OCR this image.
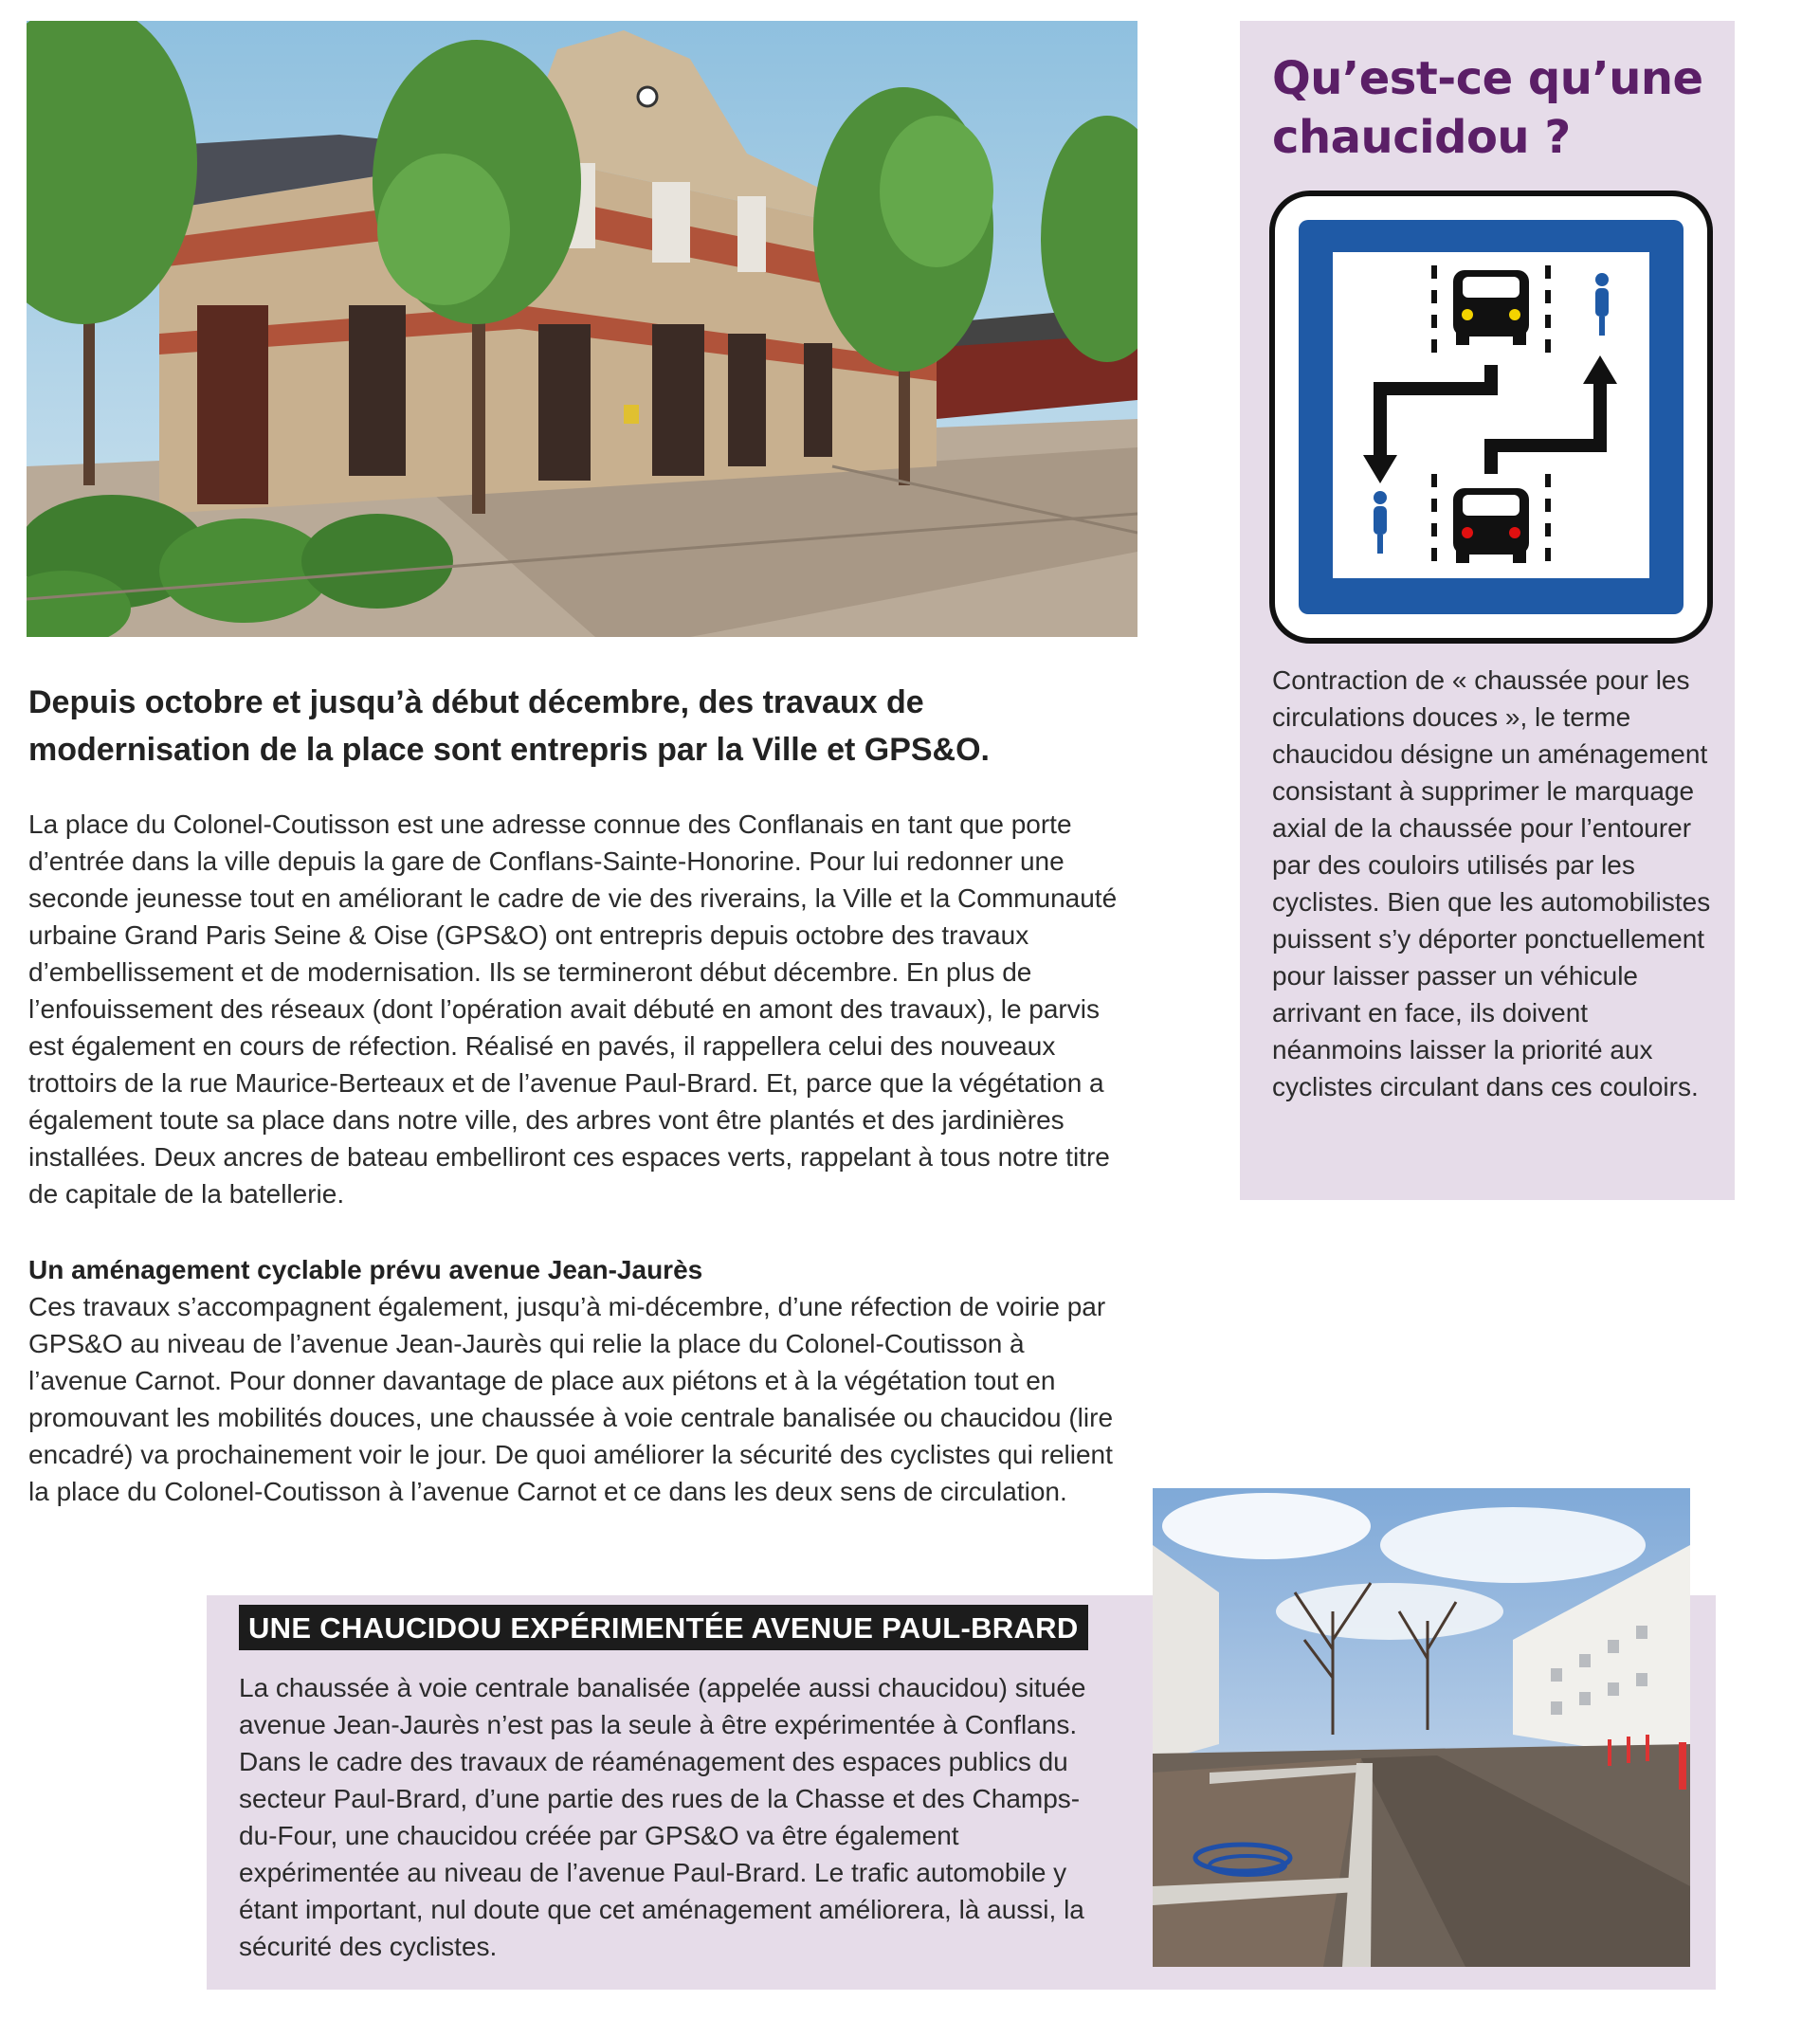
Qu’est-ce qu’une chaucidou ?

Contraction de « chaussée pour les circulations douces », le terme chaucidou désigne un aménagement consistant à supprimer le marquage axial de la chaussée pour l’entourer par des couloirs utilisés par les cyclistes. Bien que les automobilistes puissent s’y déporter ponctuellement pour laisser passer un véhicule arrivant en face, ils doivent néanmoins laisser la priorité aux cyclistes circulant dans ces couloirs.

Depuis octobre et jusqu’à début décembre, des travaux de modernisation de la place sont entrepris par la Ville et GPS&O.

La place du Colonel-Coutisson est une adresse connue des Conflanais en tant que porte d’entrée dans la ville depuis la gare de Conflans-Sainte-Honorine. Pour lui redonner une seconde jeunesse tout en améliorant le cadre de vie des riverains, la Ville et la Communauté urbaine Grand Paris Seine & Oise (GPS&O) ont entrepris depuis octobre des travaux d’embellissement et de modernisation. Ils se termineront début décembre. En plus de l’enfouissement des réseaux (dont l’opération avait débuté en amont des travaux), le parvis est également en cours de réfection. Réalisé en pavés, il rappellera celui des nouveaux trottoirs de la rue Maurice-Berteaux et de l’avenue Paul-Brard. Et, parce que la végétation a également toute sa place dans notre ville, des arbres vont être plantés et des jardinières installées. Deux ancres de bateau embelliront ces espaces verts, rappelant à tous notre titre de capitale de la batellerie.

Un aménagement cyclable prévu avenue Jean-Jaurès

Ces travaux s’accompagnent également, jusqu’à mi-décembre, d’une réfection de voirie par GPS&O au niveau de l’avenue Jean-Jaurès qui relie la place du Colonel-Coutisson à l’avenue Carnot. Pour donner davantage de place aux piétons et à la végétation tout en promouvant les mobilités douces, une chaussée à voie centrale banalisée ou chaucidou (lire encadré) va prochainement voir le jour. De quoi améliorer la sécurité des cyclistes qui relient la place du Colonel-Coutisson à l’avenue Carnot et ce dans les deux sens de circulation.

UNE CHAUCIDOU EXPÉRIMENTÉE AVENUE PAUL-BRARD

La chaussée à voie centrale banalisée (appelée aussi chaucidou) située avenue Jean-Jaurès n’est pas la seule à être expérimentée à Conflans. Dans le cadre des travaux de réaménagement des espaces publics du secteur Paul-Brard, d’une partie des rues de la Chasse et des Champs-du-Four, une chaucidou créée par GPS&O va être également expérimentée au niveau de l’avenue Paul-Brard. Le trafic automobile y étant important, nul doute que cet aménagement améliorera, là aussi, la sécurité des cyclistes.
